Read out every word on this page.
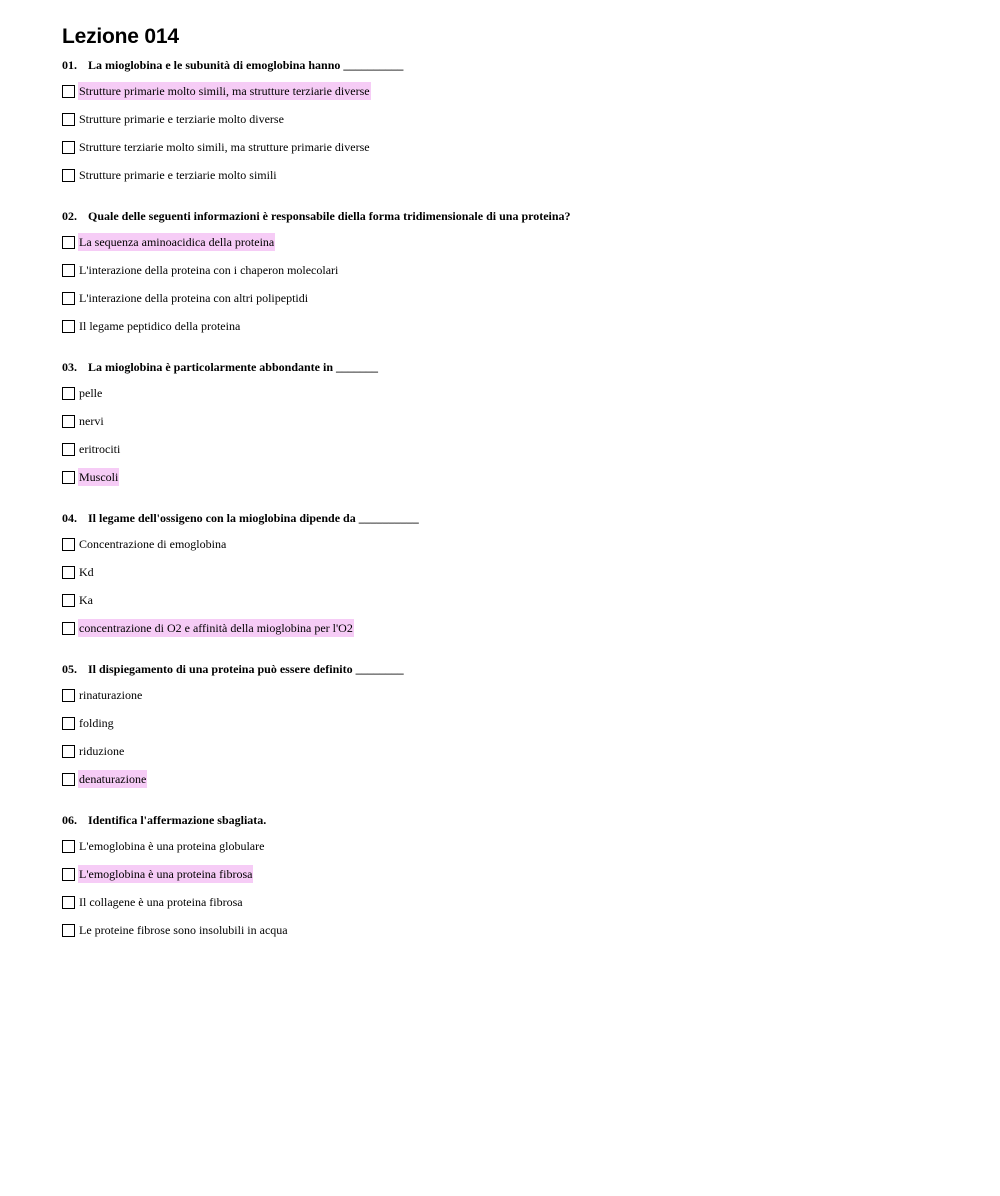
Lezione 014
01. La mioglobina e le subunità di emoglobina hanno __________
Strutture primarie molto simili, ma strutture terziarie diverse
Strutture primarie e terziarie molto diverse
Strutture terziarie molto simili, ma strutture primarie diverse
Strutture primarie e terziarie molto simili
02. Quale delle seguenti informazioni è responsabile diella forma tridimensionale di una proteina?
La sequenza aminoacidica della proteina
L'interazione della proteina con i chaperon molecolari
L'interazione della proteina con altri polipeptidi
Il legame peptidico della proteina
03. La mioglobina è particolarmente abbondante in _______
pelle
nervi
eritrociti
Muscoli
04. Il legame dell'ossigeno con la mioglobina dipende da __________
Concentrazione di emoglobina
Kd
Ka
concentrazione di O2 e affinità della mioglobina per l'O2
05. Il dispiegamento di una proteina può essere definito ________
rinaturazione
folding
riduzione
denaturazione
06. Identifica l'affermazione sbagliata.
L'emoglobina è una proteina globulare
L'emoglobina è una proteina fibrosa
Il collagene è una proteina fibrosa
Le proteine fibrose sono insolubili in acqua
